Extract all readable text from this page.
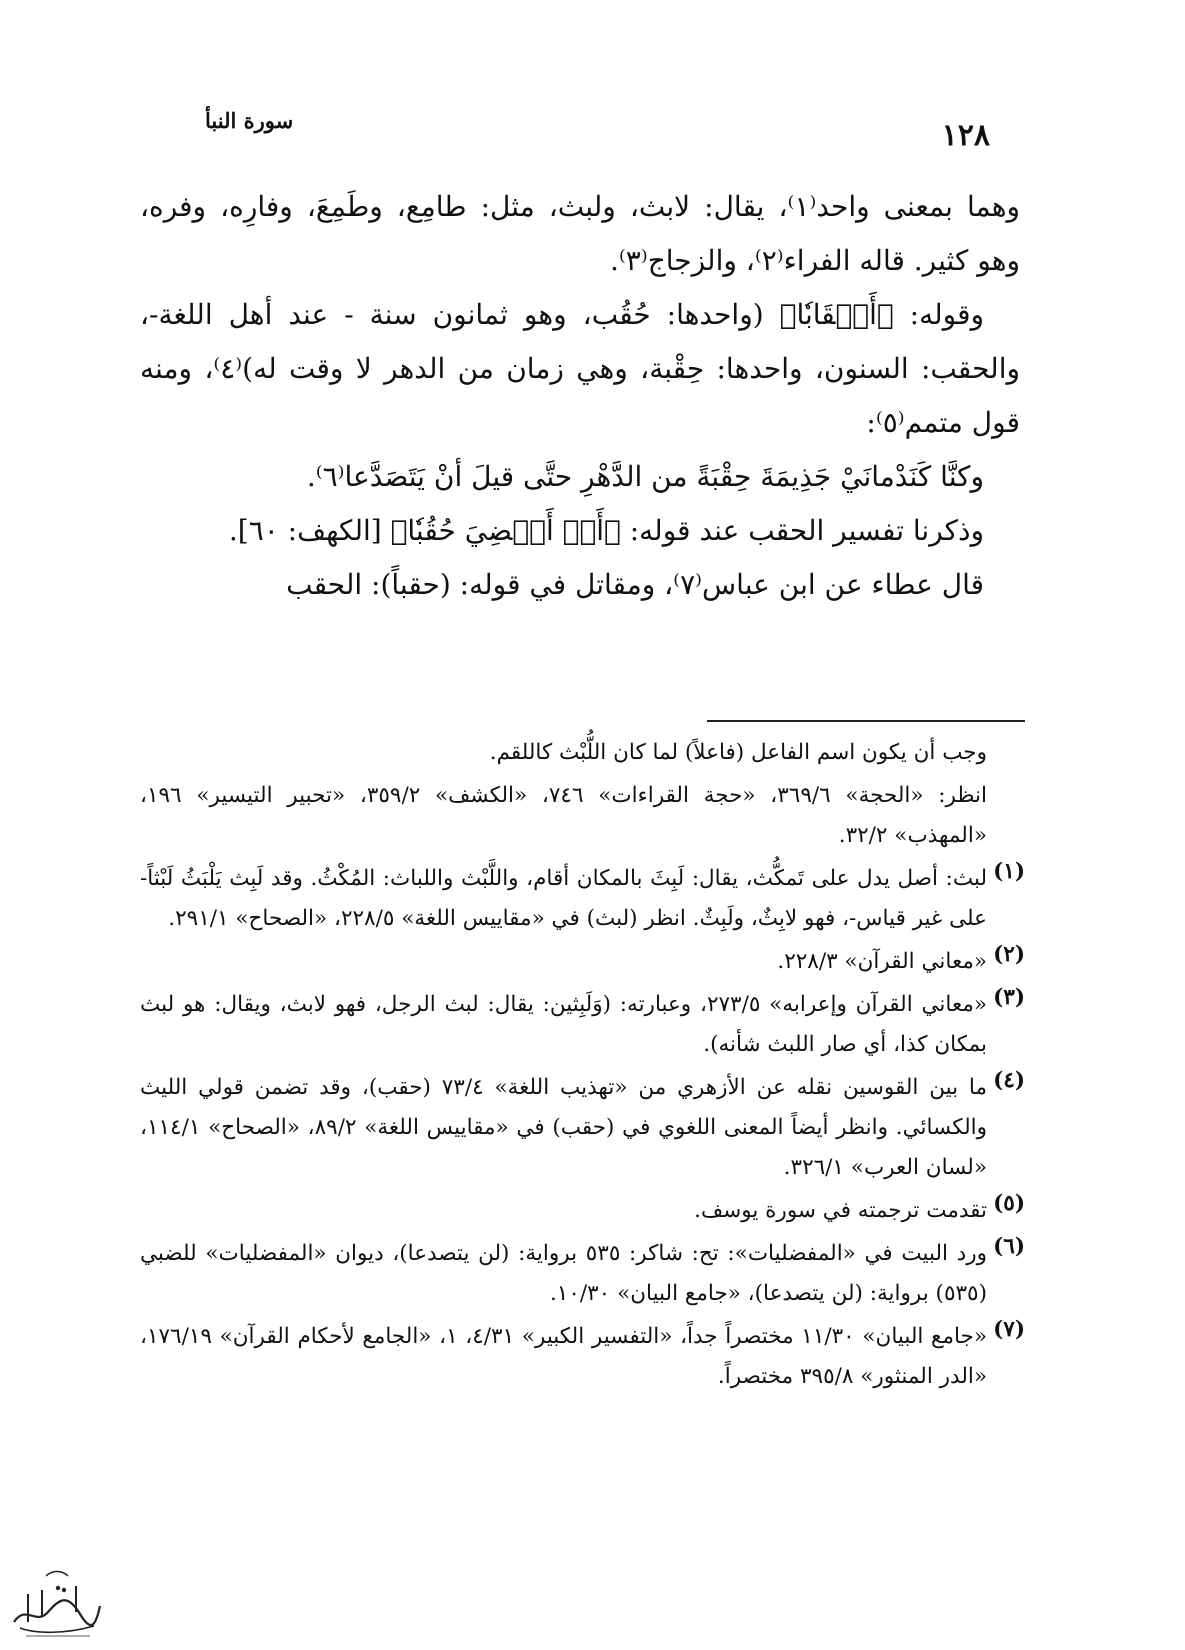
سورة النبأ	١٢٨

وهما بمعنى واحد⁽١⁾، يقال: لابث، ولبث، مثل: طامِع، وطَمِعَ، وفارِه، وفره، وهو كثير. قاله الفراء⁽٢⁾، والزجاج⁽٣⁾.

وقوله: ﴿أَحۡقَابٗا﴾ (واحدها: حُقُب، وهو ثمانون سنة - عند أهل اللغة-، والحقب: السنون، واحدها: حِقْبة، وهي زمان من الدهر لا وقت له)⁽٤⁾، ومنه قول متمم⁽٥⁾:

وكنَّا كَنَدْمانَيْ جَذِيمَةَ حِقْبَةً من الدَّهْرِ حتَّى قيلَ أنْ يَتَصَدَّعا⁽٦⁾.

وذكرنا تفسير الحقب عند قوله: ﴿أَوۡ أَمۡضِيَ حُقُبٗا﴾ [الكهف: ٦٠].

قال عطاء عن ابن عباس⁽٧⁾، ومقاتل في قوله: (حقباً): الحقب

وجب أن يكون اسم الفاعل (فاعلاً) لما كان اللُّبْث كاللقم.

انظر: «الحجة» ٣٦٩/٦، «حجة القراءات» ٧٤٦، «الكشف» ٣٥٩/٢، «تحبير التيسير» ١٩٦، «المهذب» ٣٢/٢.

(١)
لبث: أصل يدل على تَمكُّث، يقال: لَبِثَ بالمكان أقام، واللَّبْث واللباث: المُكْثُ. وقد لَبِث يَلْبَثُ لَبْثاً- على غير قياس-، فهو لابِثٌ، ولَبِثٌ. انظر (لبث) في «مقاييس اللغة» ٢٢٨/٥، «الصحاح» ٢٩١/١.
(٢)
«معاني القرآن» ٢٢٨/٣.
(٣)
«معاني القرآن وإعرابه» ٢٧٣/٥، وعبارته: (وَلَبِثين: يقال: لبث الرجل، فهو لابث، ويقال: هو لبث بمكان كذا، أي صار اللبث شأنه).
(٤)
ما بين القوسين نقله عن الأزهري من «تهذيب اللغة» ٧٣/٤ (حقب)، وقد تضمن قولي الليث والكسائي. وانظر أيضاً المعنى اللغوي في (حقب) في «مقاييس اللغة» ٨٩/٢، «الصحاح» ١١٤/١، «لسان العرب» ٣٢٦/١.
(٥)
تقدمت ترجمته في سورة يوسف.
(٦)
ورد البيت في «المفضليات»: تح: شاكر: ٥٣٥ برواية: (لن يتصدعا)، ديوان «المفضليات» للضبي (٥٣٥) برواية: (لن يتصدعا)، «جامع البيان» ١٠/٣٠.
(٧)
«جامع البيان» ١١/٣٠ مختصراً جداً، «التفسير الكبير» ٤/٣١، ١، «الجامع لأحكام القرآن» ١٧٦/١٩، «الدر المنثور» ٣٩٥/٨ مختصراً.
